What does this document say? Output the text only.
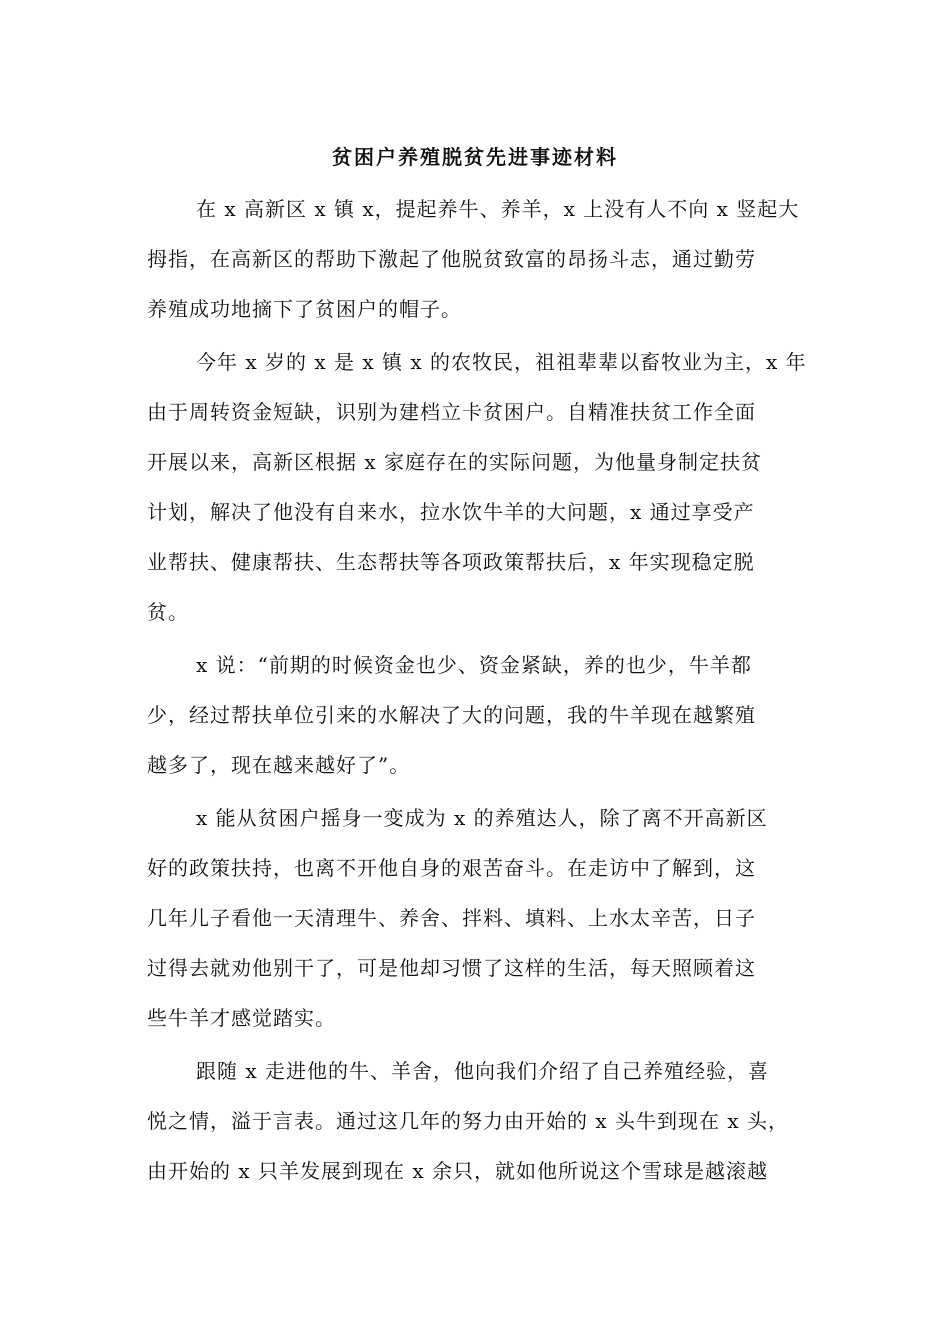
贫困户养殖脱贫先进事迹材料
在 x 高新区 x 镇 x，提起养牛、养羊，x 上没有人不向 x 竖起大
拇指，在高新区的帮助下激起了他脱贫致富的昂扬斗志，通过勤劳
养殖成功地摘下了贫困户的帽子。
今年 x 岁的 x 是 x 镇 x 的农牧民，祖祖辈辈以畜牧业为主，x 年
由于周转资金短缺，识别为建档立卡贫困户。自精准扶贫工作全面
开展以来，高新区根据 x 家庭存在的实际问题，为他量身制定扶贫
计划，解决了他没有自来水，拉水饮牛羊的大问题，x 通过享受产
业帮扶、健康帮扶、生态帮扶等各项政策帮扶后，x 年实现稳定脱
贫。
x 说：“前期的时候资金也少、资金紧缺，养的也少，牛羊都
少，经过帮扶单位引来的水解决了大的问题，我的牛羊现在越繁殖
越多了，现在越来越好了”。
x 能从贫困户摇身一变成为 x 的养殖达人，除了离不开高新区
好的政策扶持，也离不开他自身的艰苦奋斗。在走访中了解到，这
几年儿子看他一天清理牛、养舍、拌料、填料、上水太辛苦，日子
过得去就劝他别干了，可是他却习惯了这样的生活，每天照顾着这
些牛羊才感觉踏实。
跟随 x 走进他的牛、羊舍，他向我们介绍了自己养殖经验，喜
悦之情，溢于言表。通过这几年的努力由开始的 x 头牛到现在 x 头，
由开始的 x 只羊发展到现在 x 余只，就如他所说这个雪球是越滚越
